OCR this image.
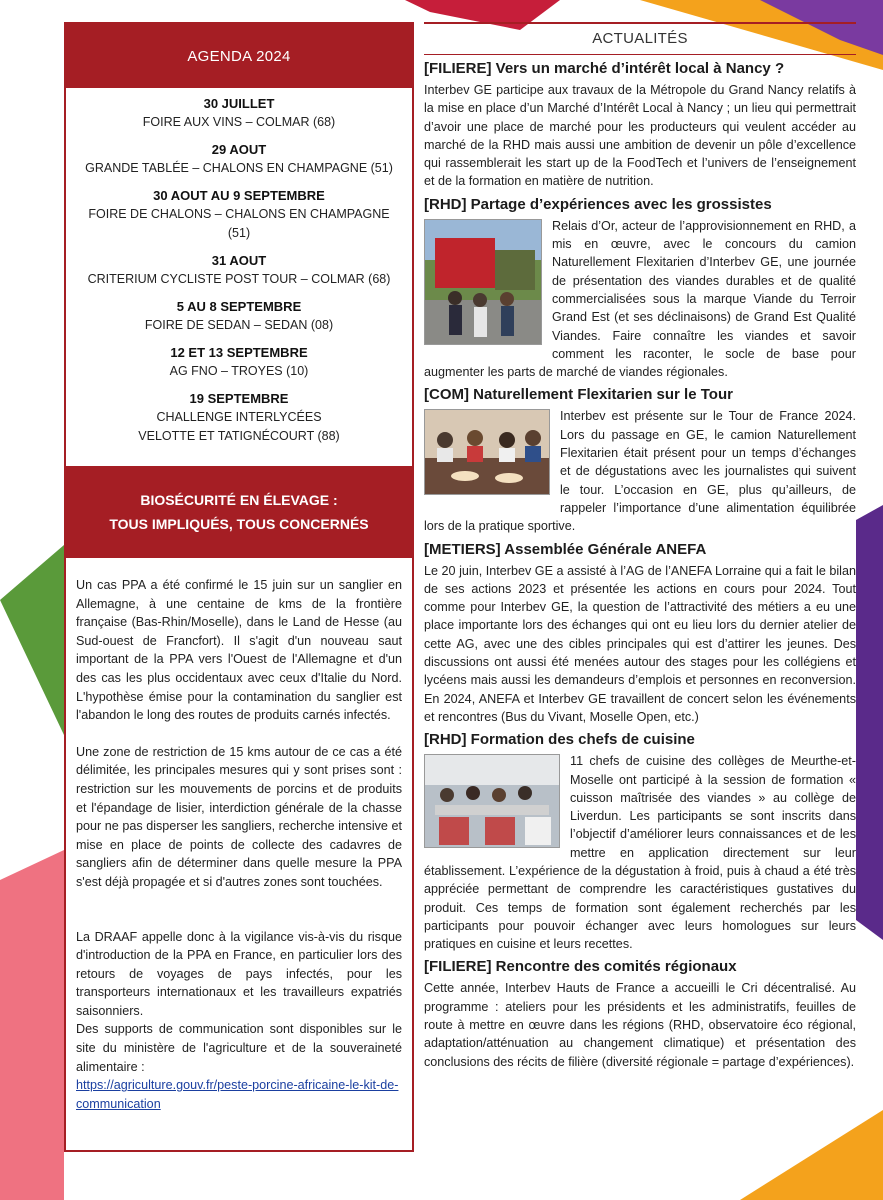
AGENDA 2024
30 JUILLET
FOIRE AUX VINS – COLMAR (68)
29 AOUT
GRANDE TABLÉE – CHALONS EN CHAMPAGNE (51)
30 AOUT AU 9 SEPTEMBRE
FOIRE DE CHALONS – CHALONS EN CHAMPAGNE (51)
31 AOUT
CRITERIUM CYCLISTE POST TOUR – COLMAR (68)
5 AU 8 SEPTEMBRE
FOIRE DE SEDAN – SEDAN (08)
12 ET 13 SEPTEMBRE
AG FNO – TROYES (10)
19 SEPTEMBRE
CHALLENGE INTERLYCÉES
VELOTTE ET TATIGNÉCOURT (88)
BIOSÉCURITÉ EN ÉLEVAGE :
TOUS IMPLIQUÉS, TOUS CONCERNÉS

Un cas PPA a été confirmé le 15 juin sur un sanglier en Allemagne, à une centaine de kms de la frontière française (Bas-Rhin/Moselle), dans le Land de Hesse (au Sud-ouest de Francfort). Il s'agit d'un nouveau saut important de la PPA vers l'Ouest de l'Allemagne et d'un des cas les plus occidentaux avec ceux d'Italie du Nord. L'hypothèse émise pour la contamination du sanglier est l'abandon le long des routes de produits carnés infectés.

Une zone de restriction de 15 kms autour de ce cas a été délimitée, les principales mesures qui y sont prises sont : restriction sur les mouvements de porcins et de produits et l'épandage de lisier, interdiction générale de la chasse pour ne pas disperser les sangliers, recherche intensive et mise en place de points de collecte des cadavres de sangliers afin de déterminer dans quelle mesure la PPA s'est déjà propagée et si d'autres zones sont touchées.

La DRAAF appelle donc à la vigilance vis-à-vis du risque d'introduction de la PPA en France, en particulier lors des retours de voyages de pays infectés, pour les transporteurs internationaux et les travailleurs expatriés saisonniers.

Des supports de communication sont disponibles sur le site du ministère de l'agriculture et de la souveraineté alimentaire :

https://agriculture.gouv.fr/peste-porcine-africaine-le-kit-de-communication
ACTUALITÉS
[FILIERE] Vers un marché d’intérêt local à Nancy ?
Interbev GE participe aux travaux de la Métropole du Grand Nancy relatifs à la mise en place d’un Marché d’Intérêt Local à Nancy ; un lieu qui permettrait d’avoir une place de marché pour les producteurs qui veulent accéder au marché de la RHD mais aussi une ambition de devenir un pôle d’excellence qui rassemblerait les start up de la FoodTech et l’univers de l’enseignement et de la formation en matière de nutrition.
[RHD] Partage d’expériences avec les grossistes
Relais d’Or, acteur de l’approvisionnement en RHD, a mis en œuvre, avec le concours du camion Naturellement Flexitarien d’Interbev GE, une journée de présentation des viandes durables et de qualité commercialisées sous la marque Viande du Terroir Grand Est (et ses déclinaisons) de Grand Est Qualité Viandes. Faire connaître les viandes et savoir comment les raconter, le socle de base pour augmenter les parts de marché de viandes régionales.
[COM] Naturellement Flexitarien sur le Tour
Interbev est présente sur le Tour de France 2024. Lors du passage en GE, le camion Naturellement Flexitarien était présent pour un temps d’échanges et de dégustations avec les journalistes qui suivent le tour. L’occasion en GE, plus qu’ailleurs, de rappeler l’importance d’une alimentation équilibrée lors de la pratique sportive.
[METIERS] Assemblée Générale ANEFA
Le 20 juin, Interbev GE a assisté à l’AG de l’ANEFA Lorraine qui a fait le bilan de ses actions 2023 et présentée les actions en cours pour 2024. Tout comme pour Interbev GE, la question de l’attractivité des métiers a eu une place importante lors des échanges qui ont eu lieu lors du dernier atelier de cette AG, avec une des cibles principales qui est d’attirer les jeunes. Des discussions ont aussi été menées autour des stages pour les collégiens et lycéens mais aussi les demandeurs d’emplois et personnes en reconversion. En 2024, ANEFA et Interbev GE travaillent de concert selon les événements et rencontres (Bus du Vivant, Moselle Open, etc.)
[RHD] Formation des chefs de cuisine
11 chefs de cuisine des collèges de Meurthe-et-Moselle ont participé à la session de formation « cuisson maîtrisée des viandes » au collège de Liverdun. Les participants se sont inscrits dans l’objectif d’améliorer leurs connaissances et de les mettre en application directement sur leur établissement. L’expérience de la dégustation à froid, puis à chaud a été très appréciée permettant de comprendre les caractéristiques gustatives du produit. Ces temps de formation sont également recherchés par les participants pour pouvoir échanger avec leurs homologues sur leurs pratiques en cuisine et leurs recettes.
[FILIERE] Rencontre des comités régionaux
Cette année, Interbev Hauts de France a accueilli le Cri décentralisé. Au programme : ateliers pour les présidents et les administratifs, feuilles de route à mettre en œuvre dans les régions (RHD, observatoire éco régional, adaptation/atténuation au changement climatique) et présentation des conclusions des récits de filière (diversité régionale = partage d’expériences).
